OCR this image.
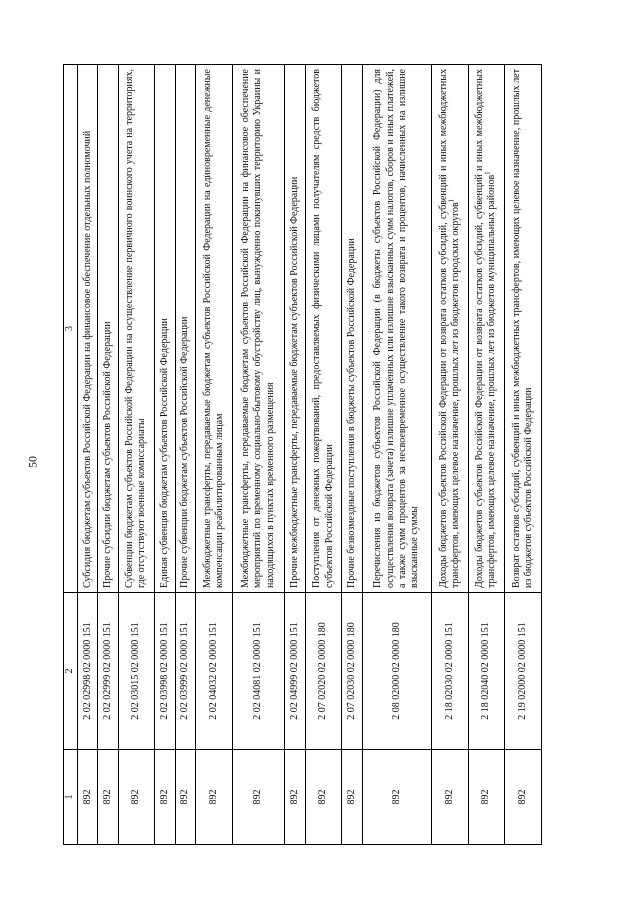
50
1	2	3
892	2 02 02998 02 0000 151	Субсидия бюджетам субъектов Российской Федерации на финансовое обеспечение отдельных полномочий
892	2 02 02999 02 0000 151	Прочие субсидии бюджетам субъектов Российской Федерации
892	2 02 03015 02 0000 151	Субвенции бюджетам субъектов Российской Федерации на осуществление первичного воинского учета на территориях, где отсутствуют военные комиссариаты
892	2 02 03998 02 0000 151	Единая субвенция бюджетам субъектов Российской Федерации
892	2 02 03999 02 0000 151	Прочие субвенции бюджетам субъектов Российской Федерации
892	2 02 04032 02 0000 151	Межбюджетные трансферты, передаваемые бюджетам субъектов Российской Федерации на единовременные денежные компенсации реабилитированным лицам
892	2 02 04081 02 0000 151	Межбюджетные трансферты, передаваемые бюджетам субъектов Российской Федерации на финансовое обеспечение мероприятий по временному социально-бытовому обустройству лиц, вынужденно покинувших территорию Украины и находящихся в пунктах временного размещения
892	2 02 04999 02 0000 151	Прочие межбюджетные трансферты, передаваемые бюджетам субъектов Российской Федерации
892	2 07 02020 02 0000 180	Поступления от денежных пожертвований, предоставляемых физическими лицами получателям средств бюджетов субъектов Российской Федерации
892	2 07 02030 02 0000 180	Прочие безвозмездные поступления в бюджеты субъектов Российской Федерации
892	2 08 02000 02 0000 180	Перечисления из бюджетов субъектов Российской Федерации (в бюджеты субъектов Российской Федерации) для осуществления возврата (зачета) излишне уплаченных или излишне взысканных сумм налогов, сборов и иных платежей, а также сумм процентов за несвоевременное осуществление такого возврата и процентов, начисленных на излишне взысканные суммы
892	2 18 02030 02 0000 151	Доходы бюджетов субъектов Российской Федерации от возврата остатков субсидий, субвенций и иных межбюджетных трансфертов, имеющих целевое назначение, прошлых лет из бюджетов городских округов$^1$
892	2 18 02040 02 0000 151	Доходы бюджетов субъектов Российской Федерации от возврата остатков субсидий, субвенций и иных межбюджетных трансфертов, имеющих целевое назначение, прошлых лет из бюджетов муниципальных районов$^1$
892	2 19 02000 02 0000 151	Возврат остатков субсидий, субвенций и иных межбюджетных трансфертов, имеющих целевое назначение, прошлых лет из бюджетов субъектов Российской Федерации
